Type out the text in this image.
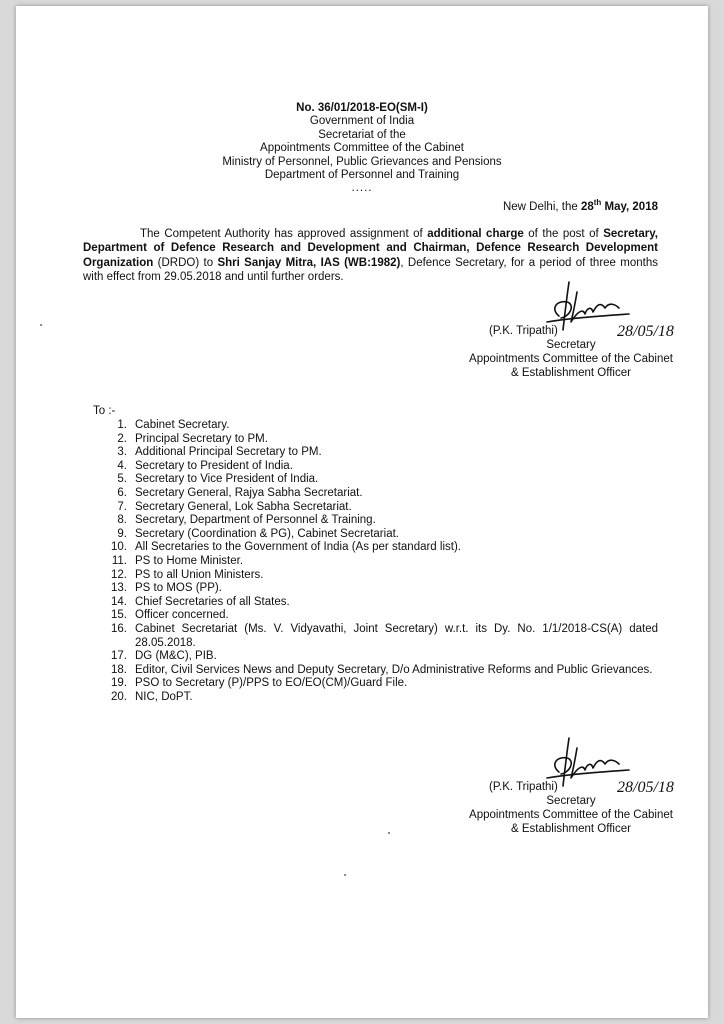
No. 36/01/2018-EO(SM-I)
Government of India
Secretariat of the
Appointments Committee of the Cabinet
Ministry of Personnel, Public Grievances and Pensions
Department of Personnel and Training
.....
New Delhi, the 28th May, 2018
The Competent Authority has approved assignment of additional charge of the post of Secretary, Department of Defence Research and Development and Chairman, Defence Research Development Organization (DRDO) to Shri Sanjay Mitra, IAS (WB:1982), Defence Secretary, for a period of three months with effect from 29.05.2018 and until further orders.
28/05/18
(P.K. Tripathi)
Secretary
Appointments Committee of the Cabinet
& Establishment Officer
To :-
1. Cabinet Secretary.
2. Principal Secretary to PM.
3. Additional Principal Secretary to PM.
4. Secretary to President of India.
5. Secretary to Vice President of India.
6. Secretary General, Rajya Sabha Secretariat.
7. Secretary General, Lok Sabha Secretariat.
8. Secretary, Department of Personnel & Training.
9. Secretary (Coordination & PG), Cabinet Secretariat.
10. All Secretaries to the Government of India (As per standard list).
11. PS to Home Minister.
12. PS to all Union Ministers.
13. PS to MOS (PP).
14. Chief Secretaries of all States.
15. Officer concerned.
16. Cabinet Secretariat (Ms. V. Vidyavathi, Joint Secretary) w.r.t. its Dy. No. 1/1/2018-CS(A) dated 28.05.2018.
17. DG (M&C), PIB.
18. Editor, Civil Services News and Deputy Secretary, D/o Administrative Reforms and Public Grievances.
19. PSO to Secretary (P)/PPS to EO/EO(CM)/Guard File.
20. NIC, DoPT.
28/05/18
(P.K. Tripathi)
Secretary
Appointments Committee of the Cabinet
& Establishment Officer
